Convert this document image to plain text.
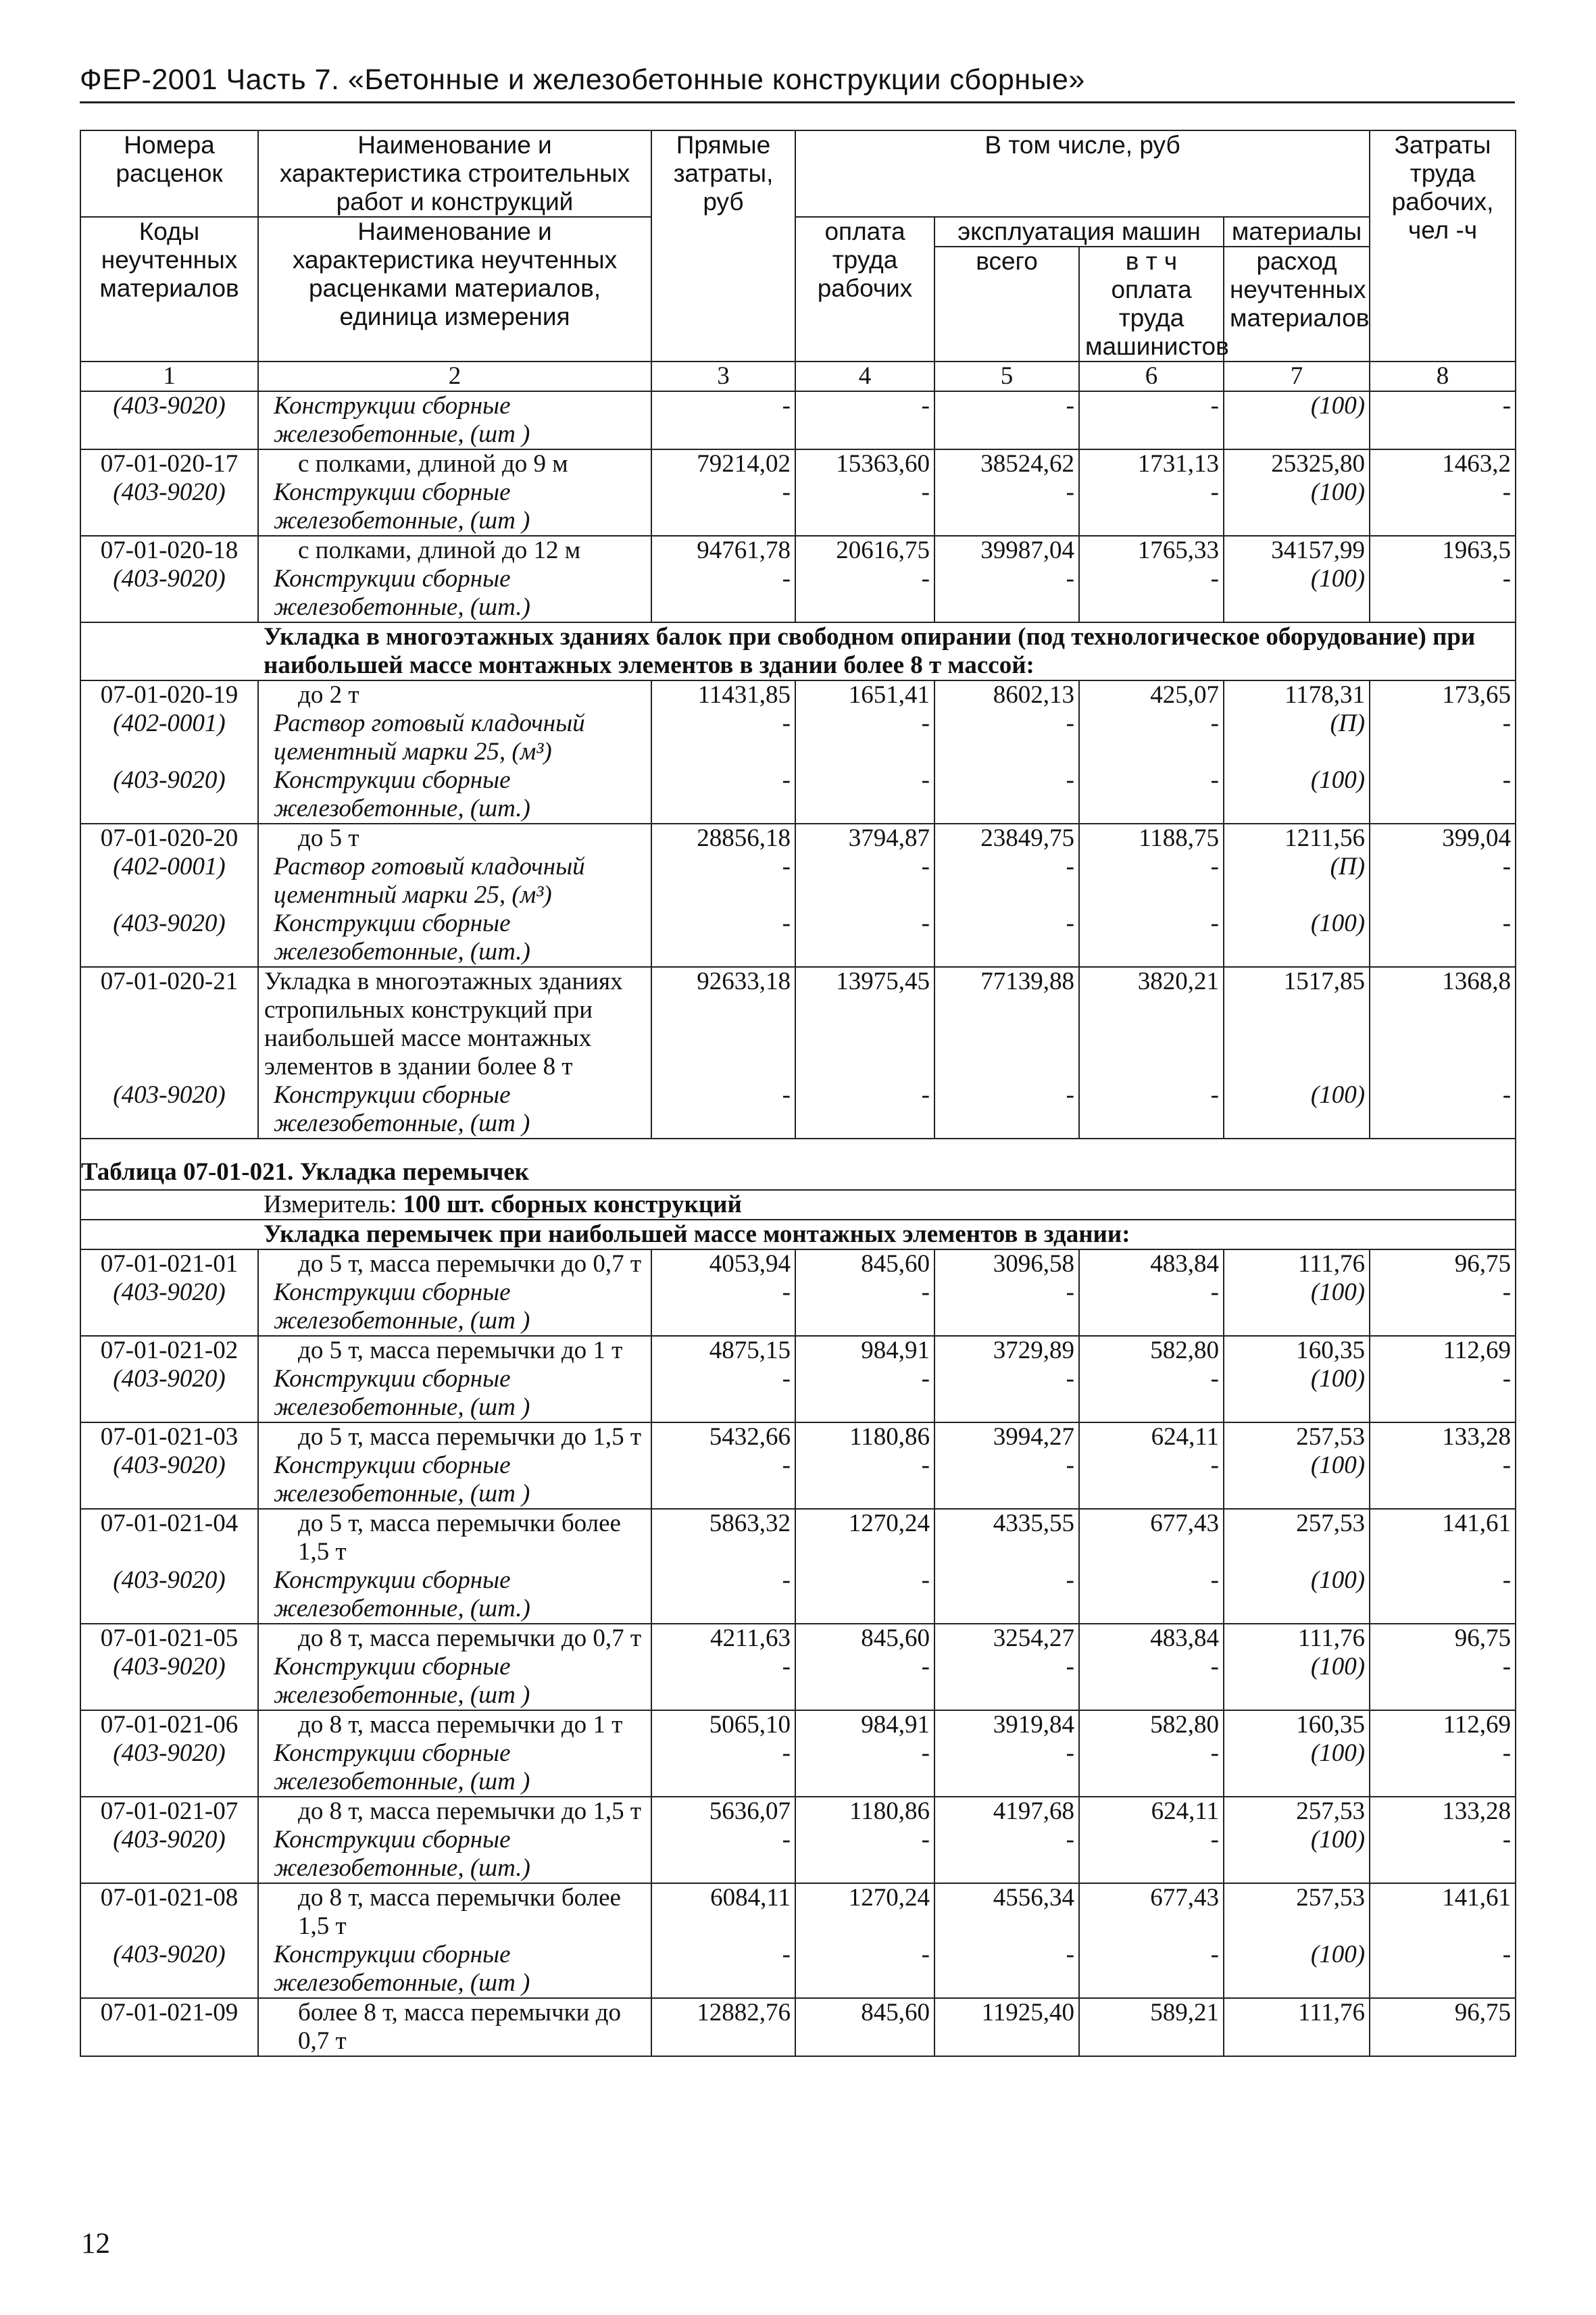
ФЕР-2001 Часть 7. «Бетонные и железобетонные конструкции сборные»
Номера расценок	Наименование и характеристика строительных работ и конструкций	Прямые затраты, руб	В том числе, руб				Затраты труда рабочих, чел -ч
Коды неучтенных материалов	Наименование и характеристика неучтенных расценками материалов, единица измерения		оплата труда рабочих	эксплуатация машин		материалы	
				всего	в т ч оплата труда машинистов	расход неучтенных материалов	
1	2	3	4	5	6	7	8
(403-9020)	Конструкции сборные железобетонные, (шт )	-	-	-	-	(100)	-
07-01-020-17	с полками, длиной до 9 м	79214,02	15363,60	38524,62	1731,13	25325,80	1463,2
(403-9020)	Конструкции сборные железобетонные, (шт )	-	-	-	-	(100)	-
07-01-020-18	с полками, длиной до 12 м	94761,78	20616,75	39987,04	1765,33	34157,99	1963,5
(403-9020)	Конструкции сборные железобетонные, (шт.)	-	-	-	-	(100)	-
	Укладка в многоэтажных зданиях балок при свободном опирании (под технологическое оборудование) при наибольшей массе монтажных элементов в здании более 8 т массой:						
07-01-020-19	до 2 т	11431,85	1651,41	8602,13	425,07	1178,31	173,65
(402-0001)	Раствор готовый кладочный цементный марки 25, (м³)	-	-	-	-	(П)	-
(403-9020)	Конструкции сборные железобетонные, (шт.)	-	-	-	-	(100)	-
07-01-020-20	до 5 т	28856,18	3794,87	23849,75	1188,75	1211,56	399,04
(402-0001)	Раствор готовый кладочный цементный марки 25, (м³)	-	-	-	-	(П)	-
(403-9020)	Конструкции сборные железобетонные, (шт.)	-	-	-	-	(100)	-
07-01-020-21	Укладка в многоэтажных зданиях стропильных конструкций при наибольшей массе монтажных элементов в здании более 8 т	92633,18	13975,45	77139,88	3820,21	1517,85	1368,8
(403-9020)	Конструкции сборные железобетонные, (шт )	-	-	-	-	(100)	-
Таблица 07-01-021. Укладка перемычек							
	Измеритель: 100 шт. сборных конструкций						
	Укладка перемычек при наибольшей массе монтажных элементов в здании:						
07-01-021-01	до 5 т, масса перемычки до 0,7 т	4053,94	845,60	3096,58	483,84	111,76	96,75
(403-9020)	Конструкции сборные железобетонные, (шт )	-	-	-	-	(100)	-
07-01-021-02	до 5 т, масса перемычки до 1 т	4875,15	984,91	3729,89	582,80	160,35	112,69
(403-9020)	Конструкции сборные железобетонные, (шт )	-	-	-	-	(100)	-
07-01-021-03	до 5 т, масса перемычки до 1,5 т	5432,66	1180,86	3994,27	624,11	257,53	133,28
(403-9020)	Конструкции сборные железобетонные, (шт )	-	-	-	-	(100)	-
07-01-021-04	до 5 т, масса перемычки более 1,5 т	5863,32	1270,24	4335,55	677,43	257,53	141,61
(403-9020)	Конструкции сборные железобетонные, (шт.)	-	-	-	-	(100)	-
07-01-021-05	до 8 т, масса перемычки до 0,7 т	4211,63	845,60	3254,27	483,84	111,76	96,75
(403-9020)	Конструкции сборные железобетонные, (шт )	-	-	-	-	(100)	-
07-01-021-06	до 8 т, масса перемычки до 1 т	5065,10	984,91	3919,84	582,80	160,35	112,69
(403-9020)	Конструкции сборные железобетонные, (шт )	-	-	-	-	(100)	-
07-01-021-07	до 8 т, масса перемычки до 1,5 т	5636,07	1180,86	4197,68	624,11	257,53	133,28
(403-9020)	Конструкции сборные железобетонные, (шт.)	-	-	-	-	(100)	-
07-01-021-08	до 8 т, масса перемычки более 1,5 т	6084,11	1270,24	4556,34	677,43	257,53	141,61
(403-9020)	Конструкции сборные железобетонные, (шт )	-	-	-	-	(100)	-
07-01-021-09	более 8 т, масса перемычки до 0,7 т	12882,76	845,60	11925,40	589,21	111,76	96,75
12
